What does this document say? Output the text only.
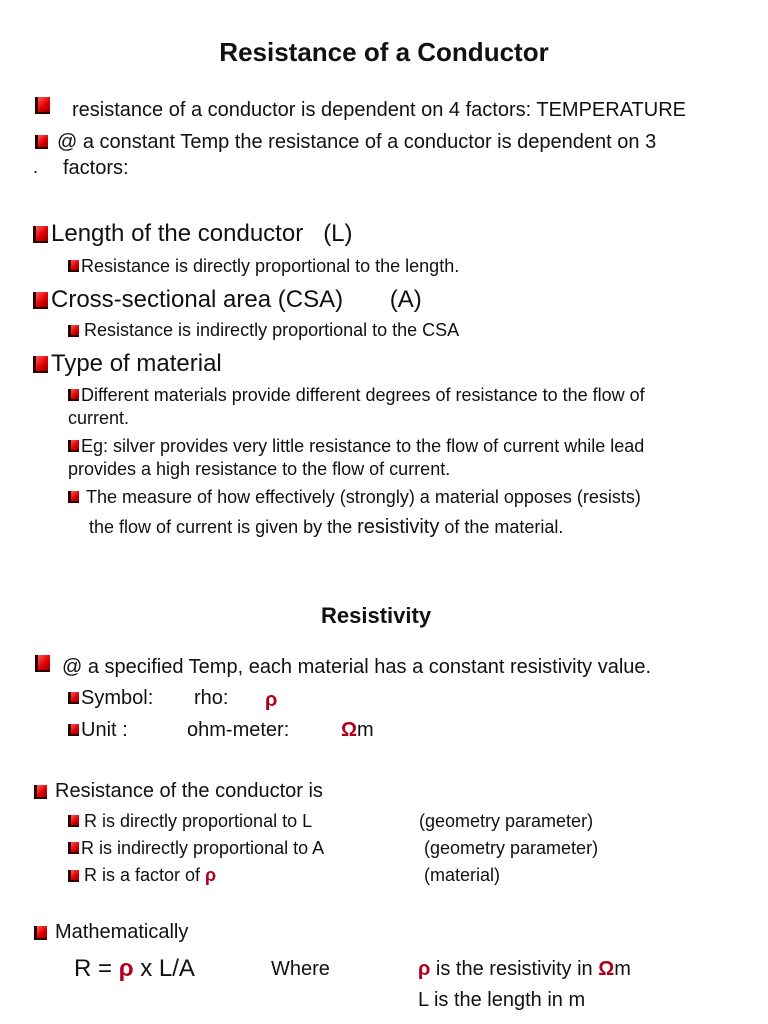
Resistance of a Conductor
resistance of a conductor is dependent on 4 factors: TEMPERATURE
@ a constant Temp the resistance of a conductor is dependent on 3
. factors:
Length of the conductor   (L)
Resistance is directly proportional to the length.
Cross-sectional area (CSA)       (A)
Resistance is indirectly proportional to the CSA
Type of material
Different materials provide different degrees of resistance to the flow of
current.
Eg: silver provides very little resistance to the flow of current while lead
provides a high resistance to the flow of current.
The measure of how effectively (strongly) a material opposes (resists)
the flow of current is given by the resistivity of the material.
Resistivity
@ a specified Temp, each material has a constant resistivity value.
Symbol: rho: ρ
Unit :	ohm-meter:	Ωm
Resistance of the conductor is
R is directly proportional to L	(geometry parameter)
R is indirectly proportional to A	(geometry parameter)
R is a factor of ρ	(material)
Mathematically
R = ρ x L/A	Where	ρ is the resistivity in Ωm
L is the length in m
